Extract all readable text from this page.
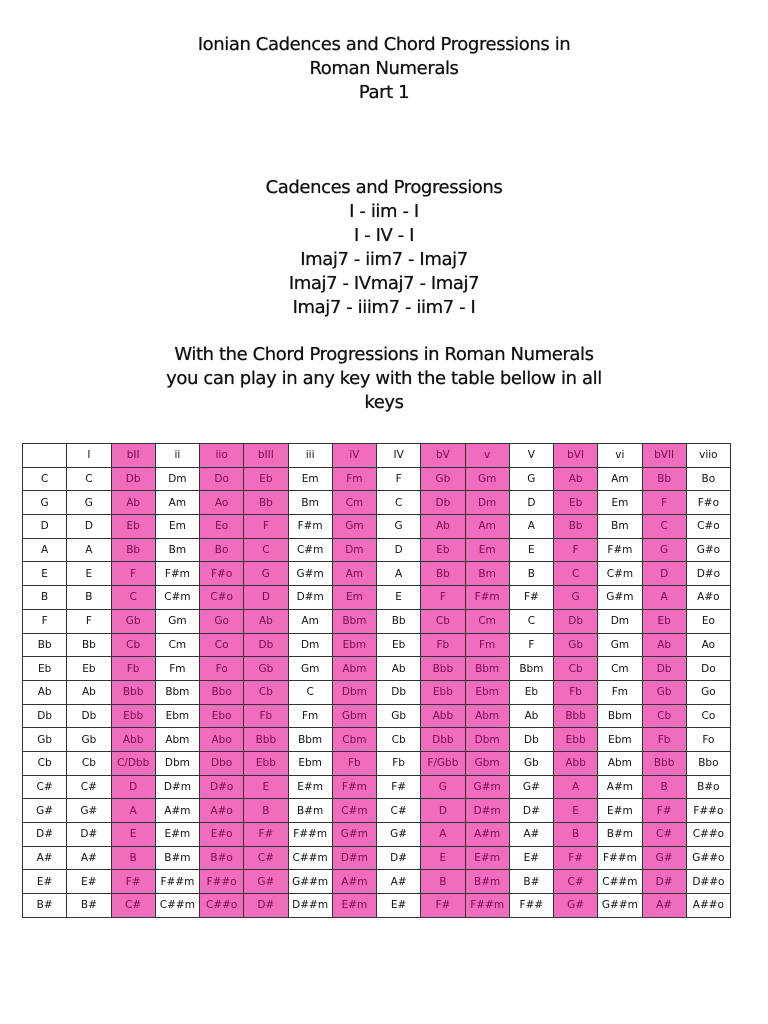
Ionian Cadences and Chord Progressions in
Roman Numerals
Part 1
Cadences and Progressions
I - iim - I
I - IV - I
Imaj7 - iim7 - Imaj7
Imaj7 - IVmaj7 - Imaj7
Imaj7 - iiim7 - iim7 - I
With the Chord Progressions in Roman Numerals
you can play in any key with the table bellow in all
keys
	I	bII	ii	iio	bIII	iii	iV	IV	bV	v	V	bVI	vi	bVII	viio
C	C	Db	Dm	Do	Eb	Em	Fm	F	Gb	Gm	G	Ab	Am	Bb	Bo
G	G	Ab	Am	Ao	Bb	Bm	Cm	C	Db	Dm	D	Eb	Em	F	F#o
D	D	Eb	Em	Eo	F	F#m	Gm	G	Ab	Am	A	Bb	Bm	C	C#o
A	A	Bb	Bm	Bo	C	C#m	Dm	D	Eb	Em	E	F	F#m	G	G#o
E	E	F	F#m	F#o	G	G#m	Am	A	Bb	Bm	B	C	C#m	D	D#o
B	B	C	C#m	C#o	D	D#m	Em	E	F	F#m	F#	G	G#m	A	A#o
F	F	Gb	Gm	Go	Ab	Am	Bbm	Bb	Cb	Cm	C	Db	Dm	Eb	Eo
Bb	Bb	Cb	Cm	Co	Db	Dm	Ebm	Eb	Fb	Fm	F	Gb	Gm	Ab	Ao
Eb	Eb	Fb	Fm	Fo	Gb	Gm	Abm	Ab	Bbb	Bbm	Bbm	Cb	Cm	Db	Do
Ab	Ab	Bbb	Bbm	Bbo	Cb	C	Dbm	Db	Ebb	Ebm	Eb	Fb	Fm	Gb	Go
Db	Db	Ebb	Ebm	Ebo	Fb	Fm	Gbm	Gb	Abb	Abm	Ab	Bbb	Bbm	Cb	Co
Gb	Gb	Abb	Abm	Abo	Bbb	Bbm	Cbm	Cb	Dbb	Dbm	Db	Ebb	Ebm	Fb	Fo
Cb	Cb	C/Dbb	Dbm	Dbo	Ebb	Ebm	Fb	Fb	F/Gbb	Gbm	Gb	Abb	Abm	Bbb	Bbo
C#	C#	D	D#m	D#o	E	E#m	F#m	F#	G	G#m	G#	A	A#m	B	B#o
G#	G#	A	A#m	A#o	B	B#m	C#m	C#	D	D#m	D#	E	E#m	F#	F##o
D#	D#	E	E#m	E#o	F#	F##m	G#m	G#	A	A#m	A#	B	B#m	C#	C##o
A#	A#	B	B#m	B#o	C#	C##m	D#m	D#	E	E#m	E#	F#	F##m	G#	G##o
E#	E#	F#	F##m	F##o	G#	G##m	A#m	A#	B	B#m	B#	C#	C##m	D#	D##o
B#	B#	C#	C##m	C##o	D#	D##m	E#m	E#	F#	F##m	F##	G#	G##m	A#	A##o
